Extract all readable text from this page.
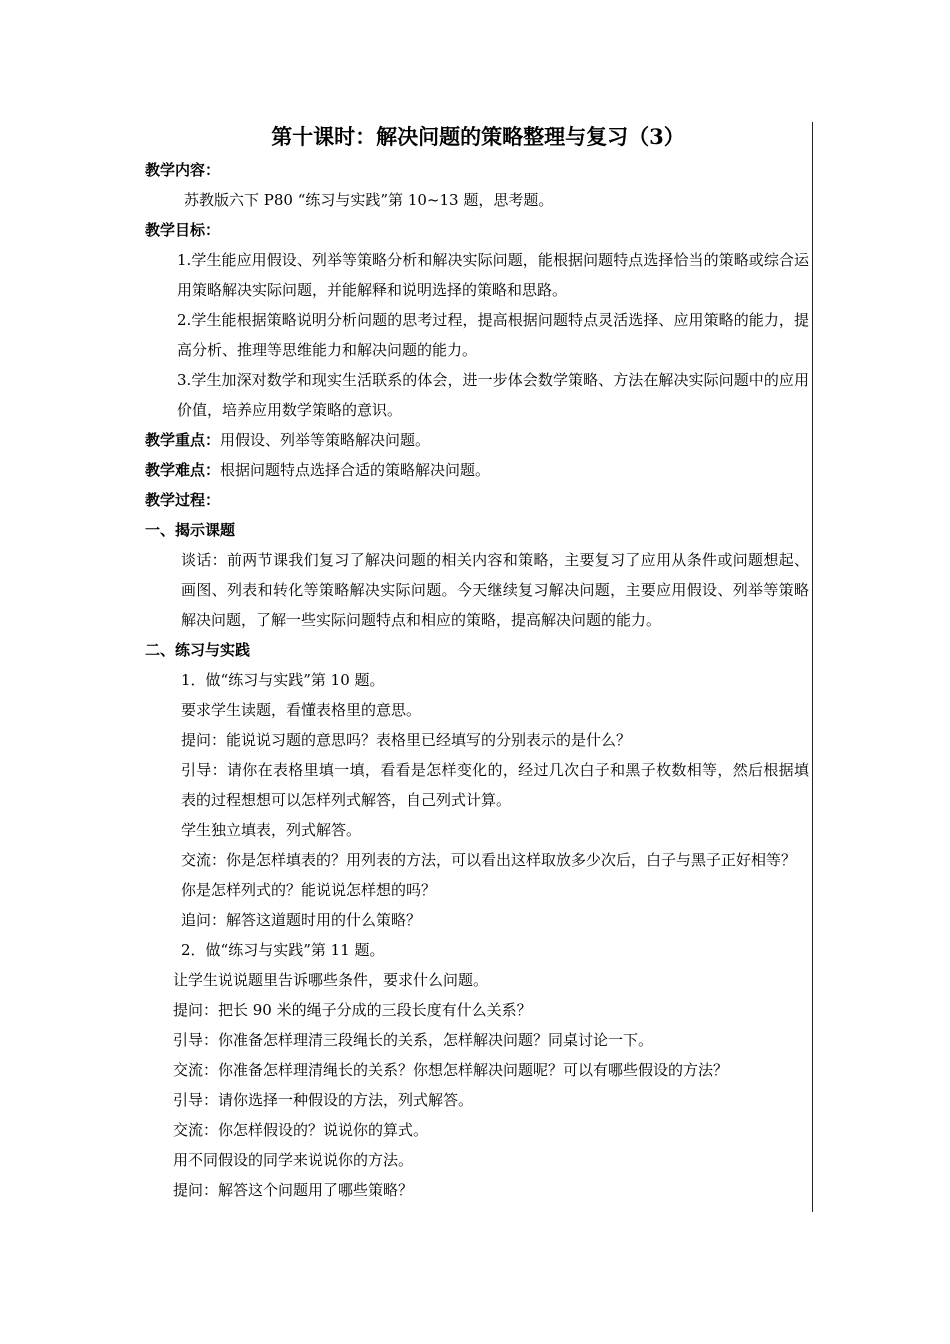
第十课时：解决问题的策略整理与复习（3）

教学内容：

苏教版六下 P80 “练习与实践”第 10~13 题，思考题。

教学目标：

1.学生能应用假设、列举等策略分析和解决实际问题，能根据问题特点选择恰当的策略或综合运用策略解决实际问题，并能解释和说明选择的策略和思路。

2.学生能根据策略说明分析问题的思考过程，提高根据问题特点灵活选择、应用策略的能力，提高分析、推理等思维能力和解决问题的能力。

3.学生加深对数学和现实生活联系的体会，进一步体会数学策略、方法在解决实际问题中的应用价值，培养应用数学策略的意识。

教学重点：用假设、列举等策略解决问题。

教学难点：根据问题特点选择合适的策略解决问题。

教学过程：

一、揭示课题

谈话：前两节课我们复习了解决问题的相关内容和策略，主要复习了应用从条件或问题想起、画图、列表和转化等策略解决实际问题。今天继续复习解决问题，主要应用假设、列举等策略解决问题，了解一些实际问题特点和相应的策略，提高解决问题的能力。

二、练习与实践

1．做“练习与实践”第 10 题。

要求学生读题，看懂表格里的意思。

提问：能说说习题的意思吗？表格里已经填写的分别表示的是什么？

引导：请你在表格里填一填，看看是怎样变化的，经过几次白子和黑子枚数相等，然后根据填表的过程想想可以怎样列式解答，自己列式计算。

学生独立填表，列式解答。

交流：你是怎样填表的？用列表的方法，可以看出这样取放多少次后，白子与黑子正好相等？

你是怎样列式的？能说说怎样想的吗？

追问：解答这道题时用的什么策略？

2．做“练习与实践”第 11 题。

让学生说说题里告诉哪些条件，要求什么问题。

提问：把长 90 米的绳子分成的三段长度有什么关系？

引导：你准备怎样理清三段绳长的关系，怎样解决问题？同桌讨论一下。

交流：你准备怎样理清绳长的关系？你想怎样解决问题呢？可以有哪些假设的方法？

引导：请你选择一种假设的方法，列式解答。

交流：你怎样假设的？说说你的算式。

用不同假设的同学来说说你的方法。

提问：解答这个问题用了哪些策略？
